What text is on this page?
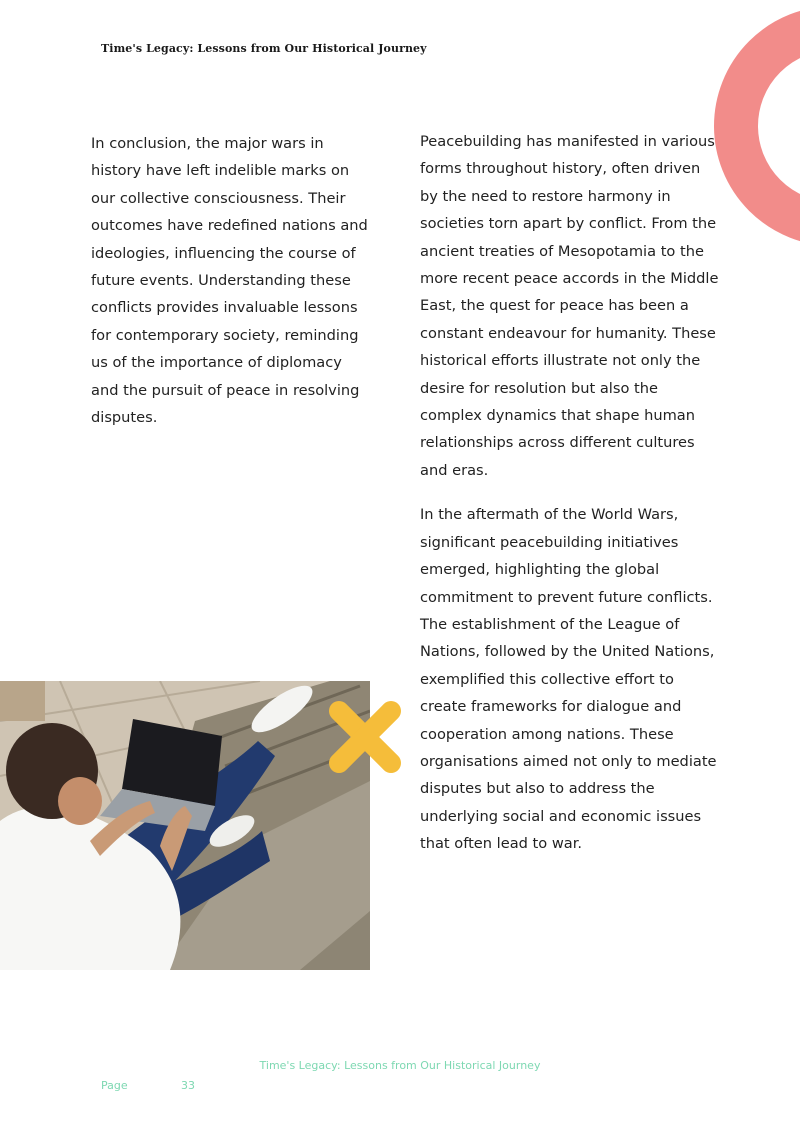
Time's Legacy: Lessons from Our Historical Journey

In conclusion, the major wars in history have left indelible marks on our collective consciousness. Their outcomes have redefined nations and ideologies, influencing the course of future events. Understanding these conflicts provides invaluable lessons for contemporary society, reminding us of the importance of diplomacy and the pursuit of peace in resolving disputes.

Peacebuilding has manifested in various forms throughout history, often driven by the need to restore harmony in societies torn apart by conflict. From the ancient treaties of Mesopotamia to the more recent peace accords in the Middle East, the quest for peace has been a constant endeavour for humanity. These historical efforts illustrate not only the desire for resolution but also the complex dynamics that shape human relationships across different cultures and eras.

In the aftermath of the World Wars, significant peacebuilding initiatives emerged, highlighting the global commitment to prevent future conflicts. The establishment of the League of Nations, followed by the United Nations, exemplified this collective effort to create frameworks for dialogue and cooperation among nations. These organisations aimed not only to mediate disputes but also to address the underlying social and economic issues that often lead to war.

Time's Legacy: Lessons from Our Historical Journey
Page	33
